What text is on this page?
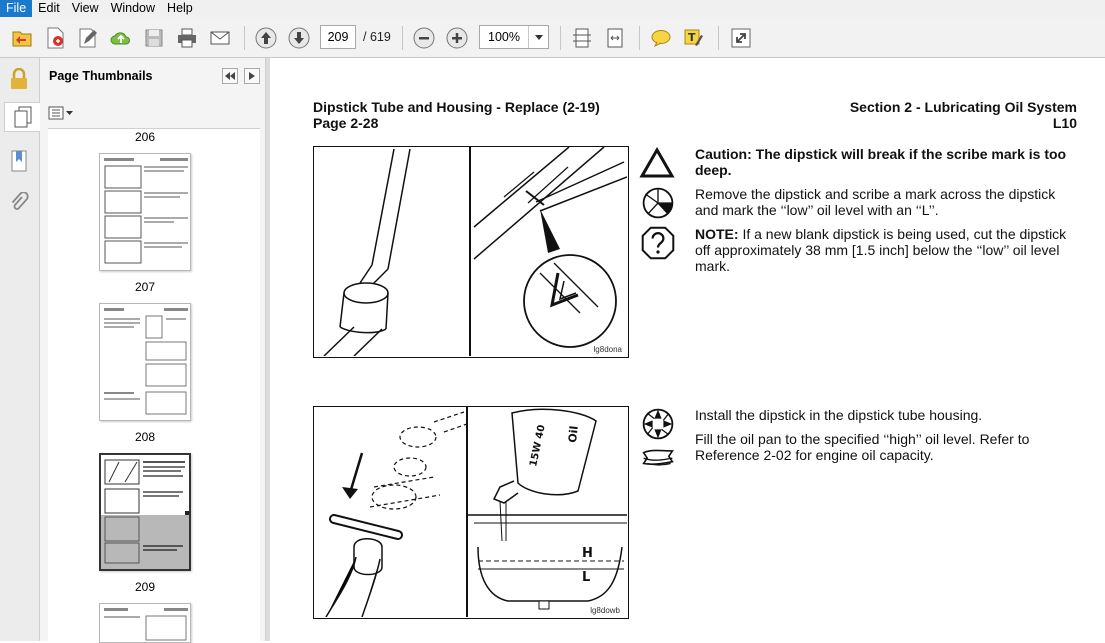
File Edit View Window Help
209	/ 619	100%	T
Page Thumbnails
206
207
208
209
Dipstick Tube and Housing - Replace (2-19)
Page 2-28
Section 2 - Lubricating Oil System
L10
lg8dona
Caution: The dipstick will break if the scribe mark is too deep.
Remove the dipstick and scribe a mark across the dipstick and mark the ‘‘low’’ oil level with an ‘‘L’’.
NOTE: If a new blank dipstick is being used, cut the dipstick off approximately 38 mm [1.5 inch] below the ‘‘low’’ oil level mark.
15W 40 Oil
H
L
lg8dowb
Install the dipstick in the dipstick tube housing.
Fill the oil pan to the specified ‘‘high’’ oil level. Refer to Reference 2-02 for engine oil capacity.
